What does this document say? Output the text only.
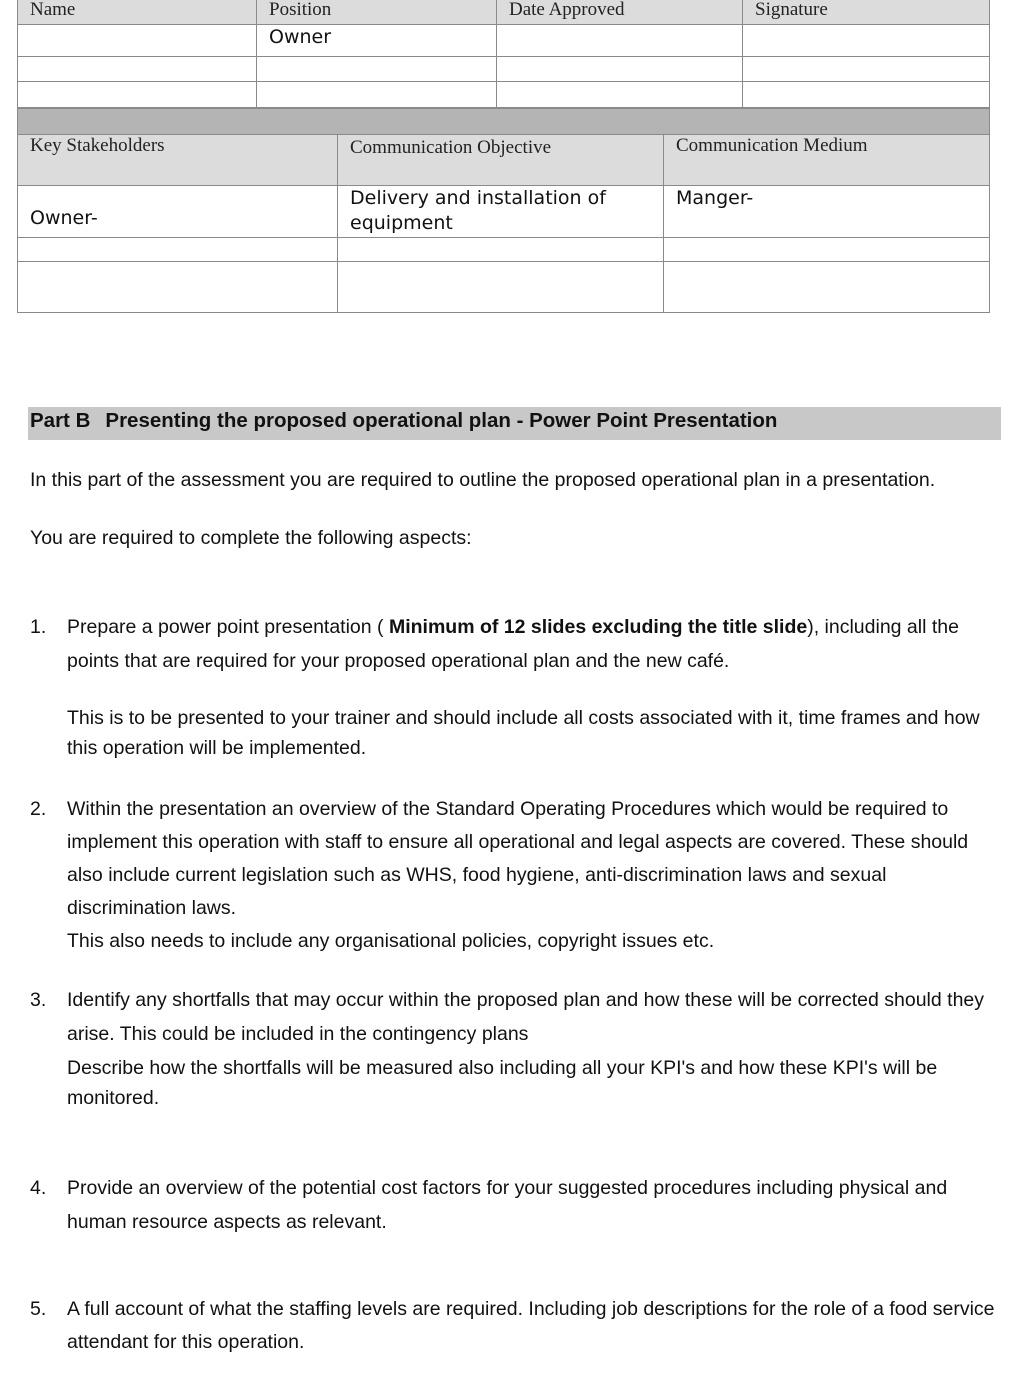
Name	Position	Date Approved	Signature
	Owner		

Key Stakeholders	Communication Objective	Communication Medium
Owner-	Delivery and installation of equipment	Manger-

Part B Presenting the proposed operational plan - Power Point Presentation
In this part of the assessment you are required to outline the proposed operational plan in a presentation.
You are required to complete the following aspects:
1. Prepare a power point presentation ( Minimum of 12 slides excluding the title slide), including all the points that are required for your proposed operational plan and the new café.

This is to be presented to your trainer and should include all costs associated with it, time frames and how this operation will be implemented.

2. Within the presentation an overview of the Standard Operating Procedures which would be required to implement this operation with staff to ensure all operational and legal aspects are covered. These should also include current legislation such as WHS, food hygiene, anti-discrimination laws and sexual discrimination laws.

This also needs to include any organisational policies, copyright issues etc.

3. Identify any shortfalls that may occur within the proposed plan and how these will be corrected should they arise. This could be included in the contingency plans

Describe how the shortfalls will be measured also including all your KPI's and how these KPI's will be monitored.

4. Provide an overview of the potential cost factors for your suggested procedures including physical and human resource aspects as relevant.

5. A full account of what the staffing levels are required. Including job descriptions for the role of a food service attendant for this operation.
